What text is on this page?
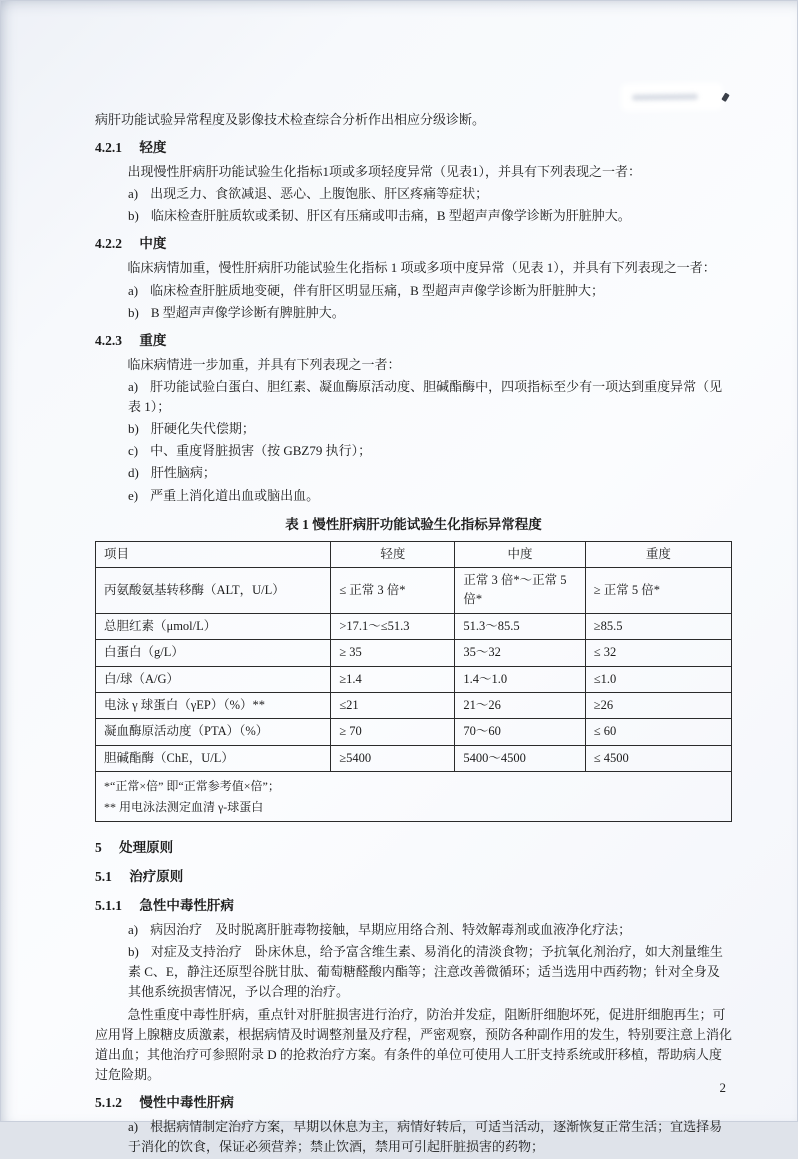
病肝功能试验异常程度及影像技术检查综合分析作出相应分级诊断。

4.2.1 轻度

出现慢性肝病肝功能试验生化指标1项或多项轻度异常（见表1），并具有下列表现之一者：

a) 出现乏力、食欲减退、恶心、上腹饱胀、肝区疼痛等症状；

b) 临床检查肝脏质软或柔韧、肝区有压痛或叩击痛，B 型超声声像学诊断为肝脏肿大。

4.2.2 中度

临床病情加重，慢性肝病肝功能试验生化指标 1 项或多项中度异常（见表 1），并具有下列表现之一者：

a) 临床检查肝脏质地变硬，伴有肝区明显压痛，B 型超声声像学诊断为肝脏肿大；

b) B 型超声声像学诊断有脾脏肿大。

4.2.3 重度

临床病情进一步加重，并具有下列表现之一者：

a) 肝功能试验白蛋白、胆红素、凝血酶原活动度、胆碱酯酶中，四项指标至少有一项达到重度异常（见表 1）；

b) 肝硬化失代偿期；

c) 中、重度肾脏损害（按 GBZ79 执行）；

d) 肝性脑病；

e) 严重上消化道出血或脑出血。

表 1 慢性肝病肝功能试验生化指标异常程度

项目	轻度	中度	重度
丙氨酸氨基转移酶（ALT，U/L）	≤ 正常 3 倍*	正常 3 倍*～正常 5 倍*	≥ 正常 5 倍*
总胆红素（μmol/L）	>17.1～≤51.3	51.3～85.5	≥85.5
白蛋白（g/L）	≥ 35	35～32	≤ 32
白/球（A/G）	≥1.4	1.4～1.0	≤1.0
电泳 γ 球蛋白（γEP）（%）**	≤21	21～26	≥26
凝血酶原活动度（PTA）（%）	≥ 70	70～60	≤ 60
胆碱酯酶（ChE，U/L）	≥5400	5400～4500	≤ 4500

*“正常×倍” 即“正常参考值×倍”；
** 用电泳法测定血清 γ-球蛋白			
5 处理原则
5.1 治疗原则
5.1.1 急性中毒性肝病

a) 病因治疗　及时脱离肝脏毒物接触，早期应用络合剂、特效解毒剂或血液净化疗法；

b) 对症及支持治疗　卧床休息，给予富含维生素、易消化的清淡食物；予抗氧化剂治疗，如大剂量维生素 C、E，静注还原型谷胱甘肽、葡萄糖醛酸内酯等；注意改善微循环；适当选用中西药物；针对全身及其他系统损害情况，予以合理的治疗。

急性重度中毒性肝病，重点针对肝脏损害进行治疗，防治并发症，阻断肝细胞坏死，促进肝细胞再生；可应用肾上腺糖皮质激素，根据病情及时调整剂量及疗程，严密观察，预防各种副作用的发生，特别要注意上消化道出血；其他治疗可参照附录 D 的抢救治疗方案。有条件的单位可使用人工肝支持系统或肝移植，帮助病人度过危险期。

5.1.2 慢性中毒性肝病

a) 根据病情制定治疗方案，早期以休息为主，病情好转后，可适当活动，逐渐恢复正常生活；宜选择易于消化的饮食，保证必须营养；禁止饮酒，禁用可引起肝脏损害的药物；

2
